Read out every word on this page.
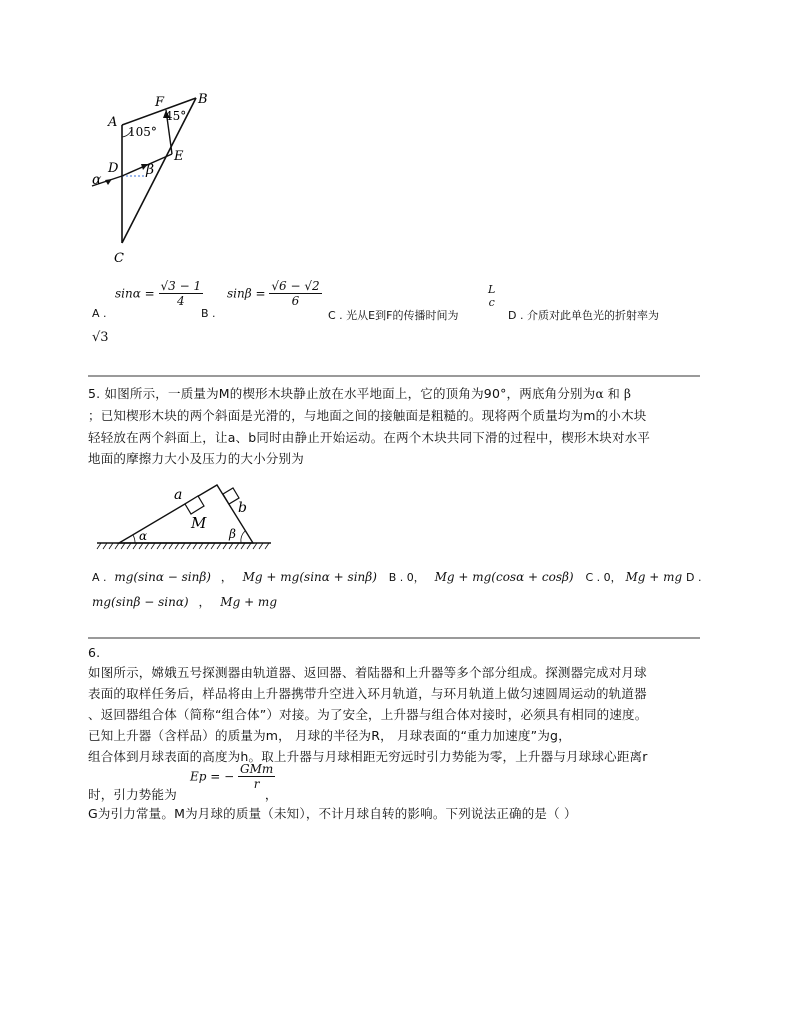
A
B
C
D
E
F
α
β
105°
45°
A .
$\sin\alpha = \frac{√3 - 1}{4}$
B .
$\sin\beta = \frac{√6 - √2}{6}$
C . 光从E到F的传播时间为
L
c
D . 介质对此单色光的折射率为
√3
5. 如图所示，一质量为M的楔形木块静止放在水平地面上，它的顶角为90°，两底角分别为α 和 β
；已知楔形木块的两个斜面是光滑的，与地面之间的接触面是粗糙的。现将两个质量均为m的小木块
轻轻放在两个斜面上，让a、b同时由静止开始运动。在两个木块共同下滑的过程中，楔形木块对水平
地面的摩擦力大小及压力的大小分别为
a
b
M
α	β
A . mg(sinα − sinβ) ， Mg + mg(sinα + sinβ) B . 0， Mg + mg(cosα + cosβ) C . 0， Mg + mg D .
mg(sinβ − sinα) ， Mg + mg
6.
如图所示，嫦娥五号探测器由轨道器、返回器、着陆器和上升器等多个部分组成。探测器完成对月球
表面的取样任务后，样品将由上升器携带升空进入环月轨道，与环月轨道上做匀速圆周运动的轨道器
、返回器组合体（简称“组合体”）对接。为了安全，上升器与组合体对接时，必须具有相同的速度。
已知上升器（含样品）的质量为m， 月球的半径为R， 月球表面的“重力加速度”为g，
组合体到月球表面的高度为h。取上升器与月球相距无穷远时引力势能为零，上升器与月球球心距离r
Ep = − $\frac{\text{GMm}}{r}$
时，引力势能为	，
G为引力常量。M为月球的质量（未知），不计月球自转的影响。下列说法正确的是（ ）
